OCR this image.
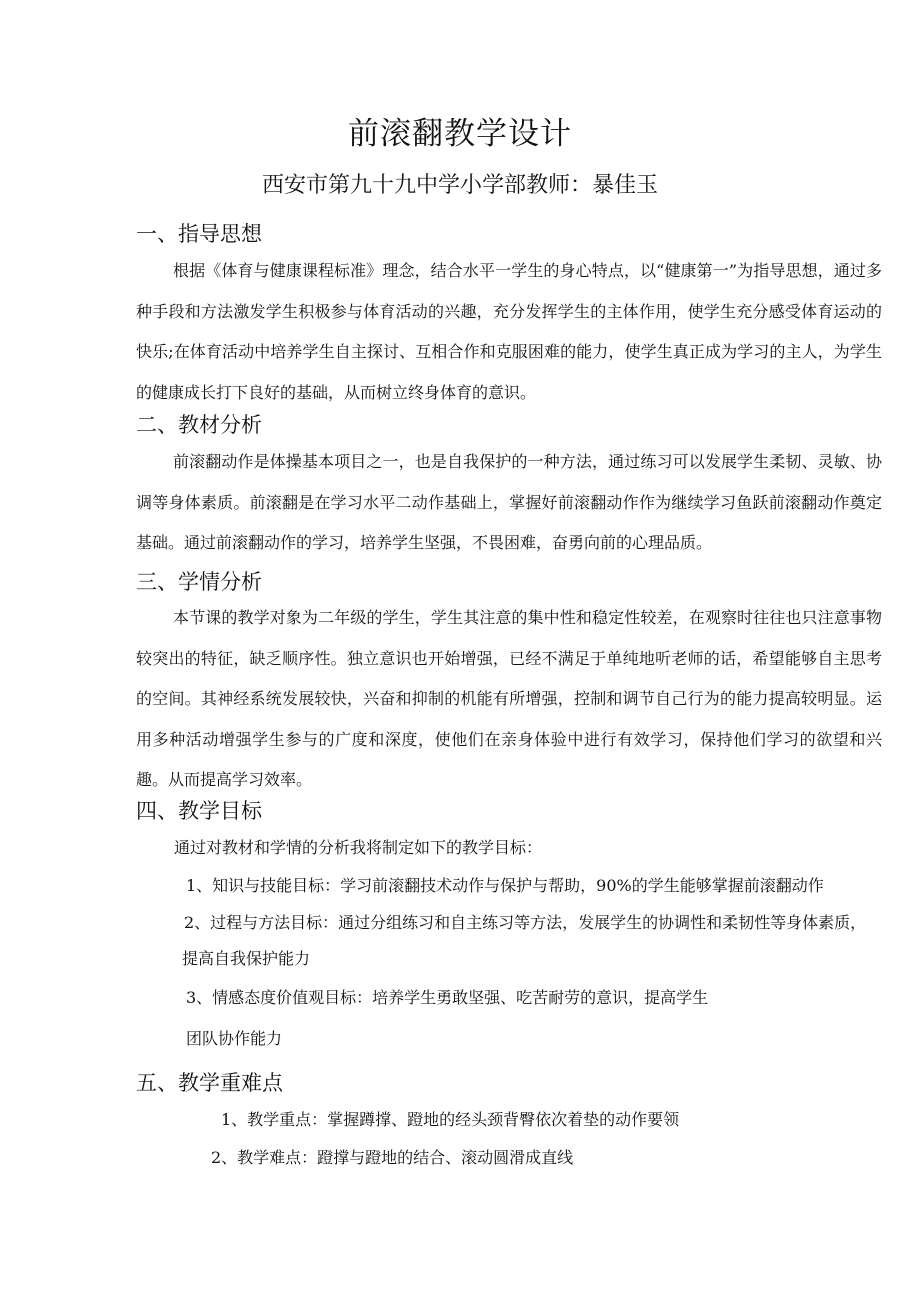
前滚翻教学设计
西安市第九十九中学小学部教师：暴佳玉
一、指导思想
根据《体育与健康课程标准》理念，结合水平一学生的身心特点，以“健康第一”为指导思想，通过多种手段和方法激发学生积极参与体育活动的兴趣，充分发挥学生的主体作用，使学生充分感受体育运动的快乐;在体育活动中培养学生自主探讨、互相合作和克服困难的能力，使学生真正成为学习的主人，为学生的健康成长打下良好的基础，从而树立终身体育的意识。
二、教材分析
前滚翻动作是体操基本项目之一，也是自我保护的一种方法，通过练习可以发展学生柔韧、灵敏、协调等身体素质。前滚翻是在学习水平二动作基础上，掌握好前滚翻动作作为继续学习鱼跃前滚翻动作奠定基础。通过前滚翻动作的学习，培养学生坚强，不畏困难，奋勇向前的心理品质。
三、学情分析
本节课的教学对象为二年级的学生，学生其注意的集中性和稳定性较差，在观察时往往也只注意事物较突出的特征，缺乏顺序性。独立意识也开始增强，已经不满足于单纯地听老师的话，希望能够自主思考的空间。其神经系统发展较快，兴奋和抑制的机能有所增强，控制和调节自己行为的能力提高较明显。运用多种活动增强学生参与的广度和深度，使他们在亲身体验中进行有效学习，保持他们学习的欲望和兴趣。从而提高学习效率。
四、教学目标
通过对教材和学情的分析我将制定如下的教学目标：
1、知识与技能目标：学习前滚翻技术动作与保护与帮助，90%的学生能够掌握前滚翻动作
2、过程与方法目标：通过分组练习和自主练习等方法，发展学生的协调性和柔韧性等身体素质，
提高自我保护能力
3、情感态度价值观目标：培养学生勇敢坚强、吃苦耐劳的意识，提高学生
团队协作能力
五、教学重难点
1、教学重点：掌握蹲撑、蹬地的经头颈背臀依次着垫的动作要领
2、教学难点：蹬撑与蹬地的结合、滚动圆滑成直线
